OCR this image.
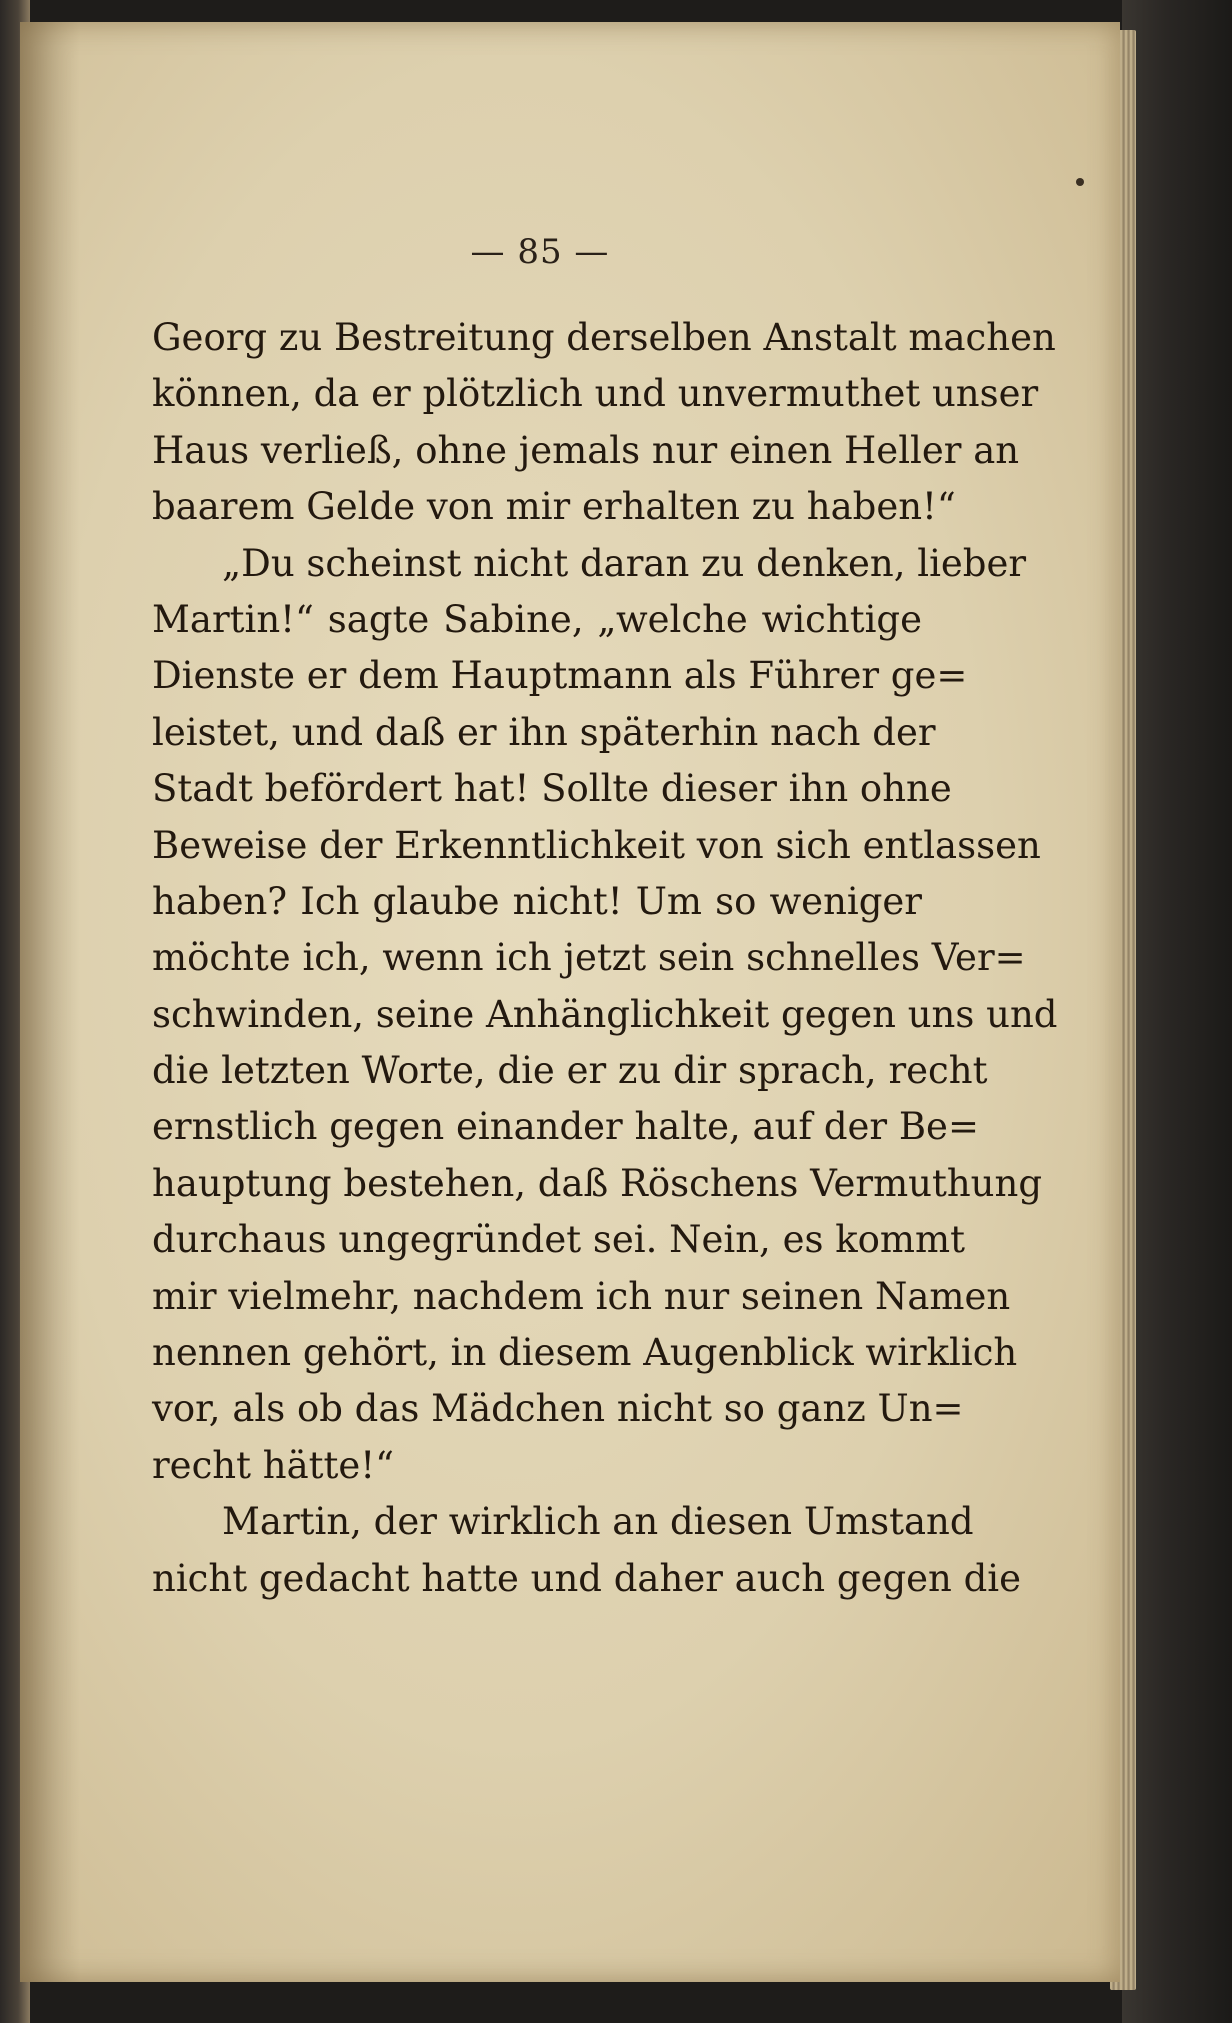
— 85 —
Georg zu Bestreitung derselben Anstalt machen
können, da er plötzlich und unvermuthet unser
Haus verließ, ohne jemals nur einen Heller an
baarem Gelde von mir erhalten zu haben!“
„Du scheinst nicht daran zu denken, lieber
Martin!“ sagte Sabine, „welche wichtige
Dienste er dem Hauptmann als Führer ge=
leistet, und daß er ihn späterhin nach der
Stadt befördert hat! Sollte dieser ihn ohne
Beweise der Erkenntlichkeit von sich entlassen
haben? Ich glaube nicht! Um so weniger
möchte ich, wenn ich jetzt sein schnelles Ver=
schwinden, seine Anhänglichkeit gegen uns und
die letzten Worte, die er zu dir sprach, recht
ernstlich gegen einander halte, auf der Be=
hauptung bestehen, daß Röschens Vermuthung
durchaus ungegründet sei. Nein, es kommt
mir vielmehr, nachdem ich nur seinen Namen
nennen gehört, in diesem Augenblick wirklich
vor, als ob das Mädchen nicht so ganz Un=
recht hätte!“
Martin, der wirklich an diesen Umstand
nicht gedacht hatte und daher auch gegen die
